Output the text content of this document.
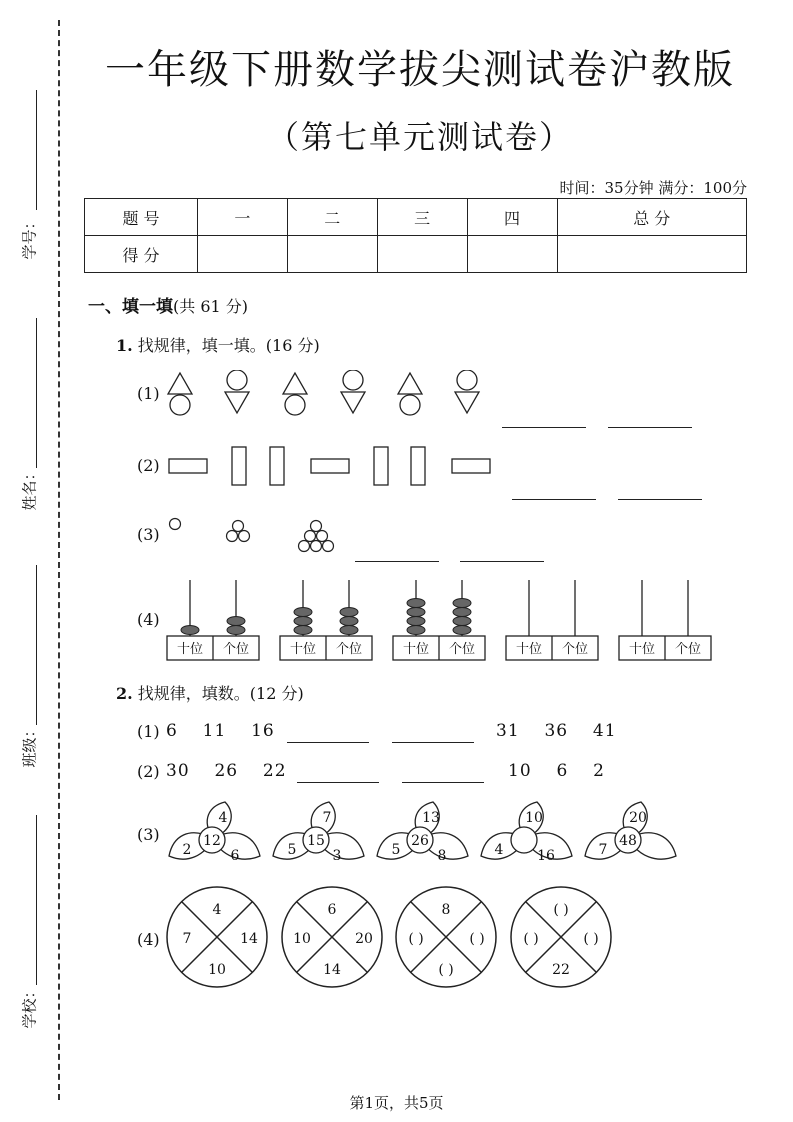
学号：
姓名：
班级：
学校：
一年级下册数学拔尖测试卷沪教版
（第七单元测试卷）
时间：35分钟 满分：100分
题 号	一	二	三	四	总 分
得 分					
一、填一填(共 61 分)
1. 找规律，填一填。(16 分)
(1)
(2)
(3)
(4)
十位 个位	十位 个位	十位 个位	十位 个位	十位 个位
2. 找规律，填数。(12 分)
(1) 6  11  16	31  36  41
(2) 30  26  22	10  6  2
(3)
4
12
2	6
7
15
5	3
13
26
5	8
10
4 16
20
48
7
(4)
4
7	14
10
6
10	20
14
8
( )	( )
( )
( )
( )	( )
22
第1页，共5页
